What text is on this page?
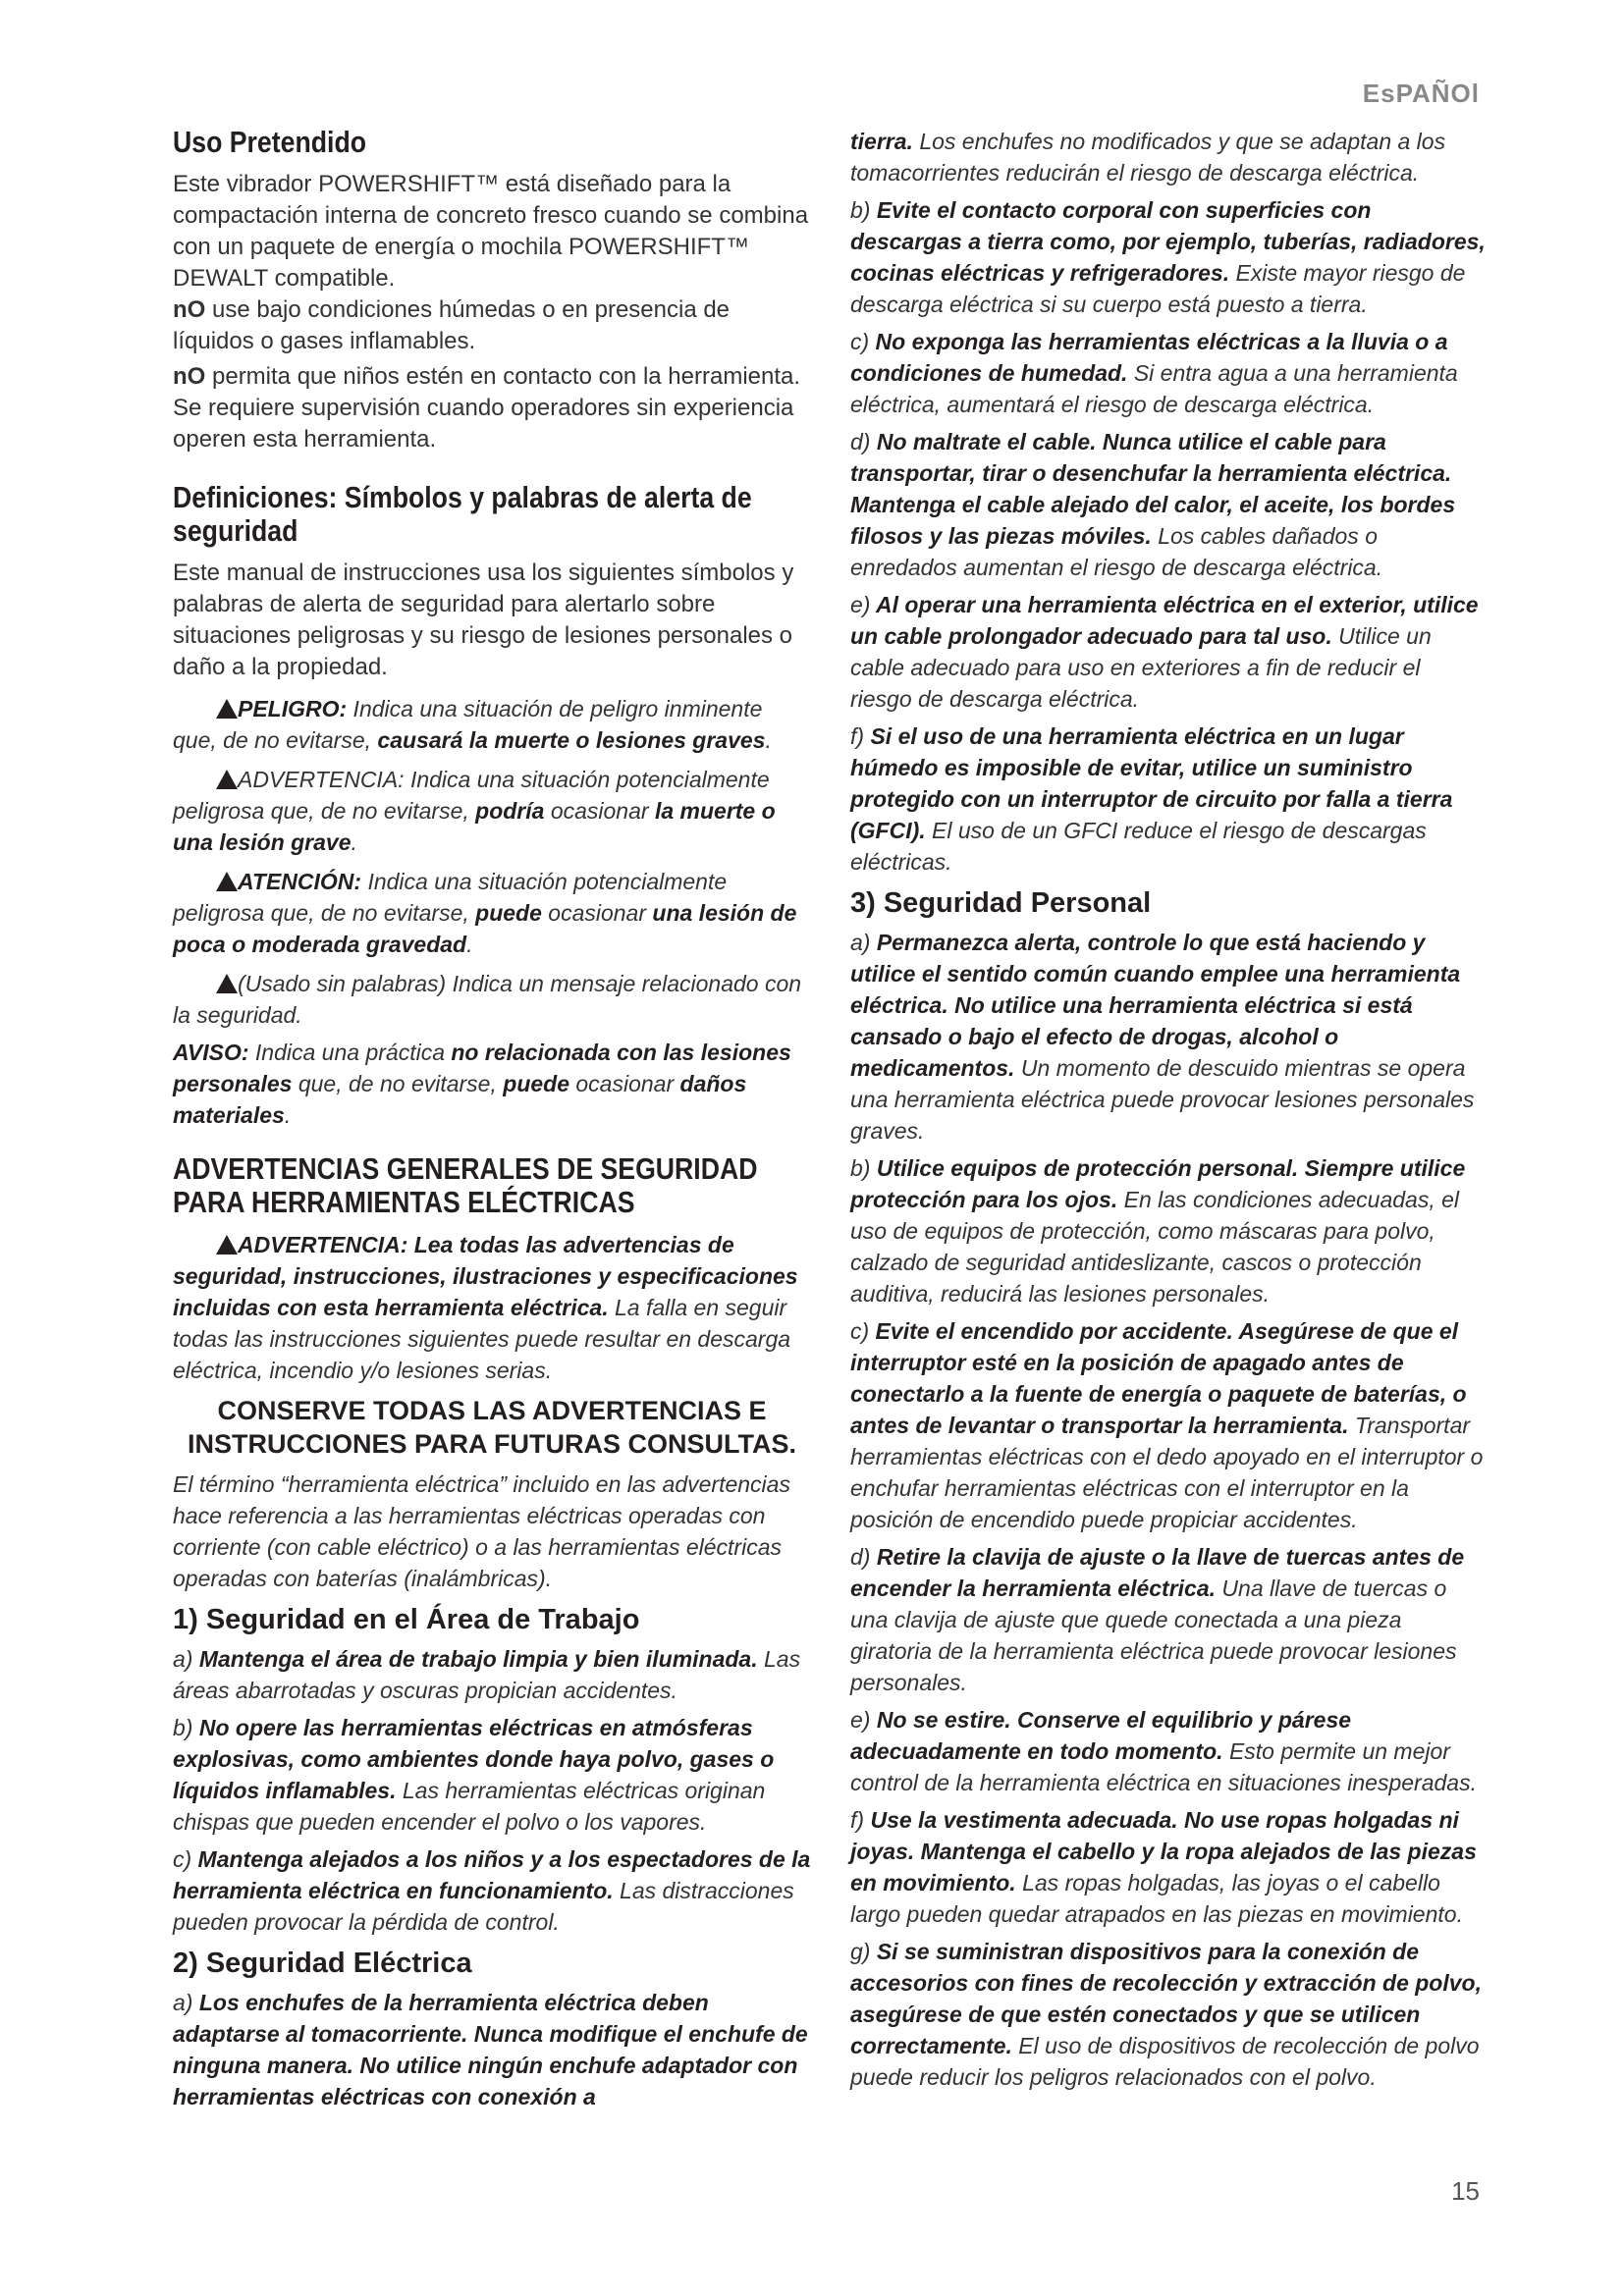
EsPAÑOl
Uso Pretendido

Este vibrador POWERSHIFT™ está diseñado para la compactación interna de concreto fresco cuando se combina con un paquete de energía o mochila POWERSHIFT™ DEWALT compatible.

nO use bajo condiciones húmedas o en presencia de líquidos o gases inflamables.

nO permita que niños estén en contacto con la herramienta. Se requiere supervisión cuando operadores sin experiencia operen esta herramienta.

Definiciones: Símbolos y palabras de alerta de seguridad

Este manual de instrucciones usa los siguientes símbolos y palabras de alerta de seguridad para alertarlo sobre situaciones peligrosas y su riesgo de lesiones personales o daño a la propiedad.

PELIGRO: Indica una situación de peligro inminente que, de no evitarse, causará la muerte o lesiones graves.

ADVERTENCIA: Indica una situación potencialmente peligrosa que, de no evitarse, podría ocasionar la muerte o una lesión grave.

ATENCIÓN: Indica una situación potencialmente peligrosa que, de no evitarse, puede ocasionar una lesión de poca o moderada gravedad.

(Usado sin palabras) Indica un mensaje relacionado con la seguridad.

AVISO: Indica una práctica no relacionada con las lesiones personales que, de no evitarse, puede ocasionar daños materiales.

ADVERTENCIAS GENERALES DE SEGURIDAD PARA HERRAMIENTAS ELÉCTRICAS

ADVERTENCIA: Lea todas las advertencias de seguridad, instrucciones, ilustraciones y especificaciones incluidas con esta herramienta eléctrica. La falla en seguir todas las instrucciones siguientes puede resultar en descarga eléctrica, incendio y/o lesiones serias.

CONSERVE TODAS LAS ADVERTENCIAS E INSTRUCCIONES PARA FUTURAS CONSULTAS.

El término “herramienta eléctrica” incluido en las advertencias hace referencia a las herramientas eléctricas operadas con corriente (con cable eléctrico) o a las herramientas eléctricas operadas con baterías (inalámbricas).

1) Seguridad en el Área de Trabajo

a) Mantenga el área de trabajo limpia y bien iluminada. Las áreas abarrotadas y oscuras propician accidentes.

b) No opere las herramientas eléctricas en atmósferas explosivas, como ambientes donde haya polvo, gases o líquidos inflamables. Las herramientas eléctricas originan chispas que pueden encender el polvo o los vapores.

c) Mantenga alejados a los niños y a los espectadores de la herramienta eléctrica en funcionamiento. Las distracciones pueden provocar la pérdida de control.

2) Seguridad Eléctrica

a) Los enchufes de la herramienta eléctrica deben adaptarse al tomacorriente. Nunca modifique el enchufe de ninguna manera. No utilice ningún enchufe adaptador con herramientas eléctricas con conexión a

tierra. Los enchufes no modificados y que se adaptan a los tomacorrientes reducirán el riesgo de descarga eléctrica.

b) Evite el contacto corporal con superficies con descargas a tierra como, por ejemplo, tuberías, radiadores, cocinas eléctricas y refrigeradores. Existe mayor riesgo de descarga eléctrica si su cuerpo está puesto a tierra.

c) No exponga las herramientas eléctricas a la lluvia o a condiciones de humedad. Si entra agua a una herramienta eléctrica, aumentará el riesgo de descarga eléctrica.

d) No maltrate el cable. Nunca utilice el cable para transportar, tirar o desenchufar la herramienta eléctrica. Mantenga el cable alejado del calor, el aceite, los bordes filosos y las piezas móviles. Los cables dañados o enredados aumentan el riesgo de descarga eléctrica.

e) Al operar una herramienta eléctrica en el exterior, utilice un cable prolongador adecuado para tal uso. Utilice un cable adecuado para uso en exteriores a fin de reducir el riesgo de descarga eléctrica.

f) Si el uso de una herramienta eléctrica en un lugar húmedo es imposible de evitar, utilice un suministro protegido con un interruptor de circuito por falla a tierra (GFCI). El uso de un GFCI reduce el riesgo de descargas eléctricas.

3) Seguridad Personal

a) Permanezca alerta, controle lo que está haciendo y utilice el sentido común cuando emplee una herramienta eléctrica. No utilice una herramienta eléctrica si está cansado o bajo el efecto de drogas, alcohol o medicamentos. Un momento de descuido mientras se opera una herramienta eléctrica puede provocar lesiones personales graves.

b) Utilice equipos de protección personal. Siempre utilice protección para los ojos. En las condiciones adecuadas, el uso de equipos de protección, como máscaras para polvo, calzado de seguridad antideslizante, cascos o protección auditiva, reducirá las lesiones personales.

c) Evite el encendido por accidente. Asegúrese de que el interruptor esté en la posición de apagado antes de conectarlo a la fuente de energía o paquete de baterías, o antes de levantar o transportar la herramienta. Transportar herramientas eléctricas con el dedo apoyado en el interruptor o enchufar herramientas eléctricas con el interruptor en la posición de encendido puede propiciar accidentes.

d) Retire la clavija de ajuste o la llave de tuercas antes de encender la herramienta eléctrica. Una llave de tuercas o una clavija de ajuste que quede conectada a una pieza giratoria de la herramienta eléctrica puede provocar lesiones personales.

e) No se estire. Conserve el equilibrio y párese adecuadamente en todo momento. Esto permite un mejor control de la herramienta eléctrica en situaciones inesperadas.

f) Use la vestimenta adecuada. No use ropas holgadas ni joyas. Mantenga el cabello y la ropa alejados de las piezas en movimiento. Las ropas holgadas, las joyas o el cabello largo pueden quedar atrapados en las piezas en movimiento.

g) Si se suministran dispositivos para la conexión de accesorios con fines de recolección y extracción de polvo, asegúrese de que estén conectados y que se utilicen correctamente. El uso de dispositivos de recolección de polvo puede reducir los peligros relacionados con el polvo.

15
